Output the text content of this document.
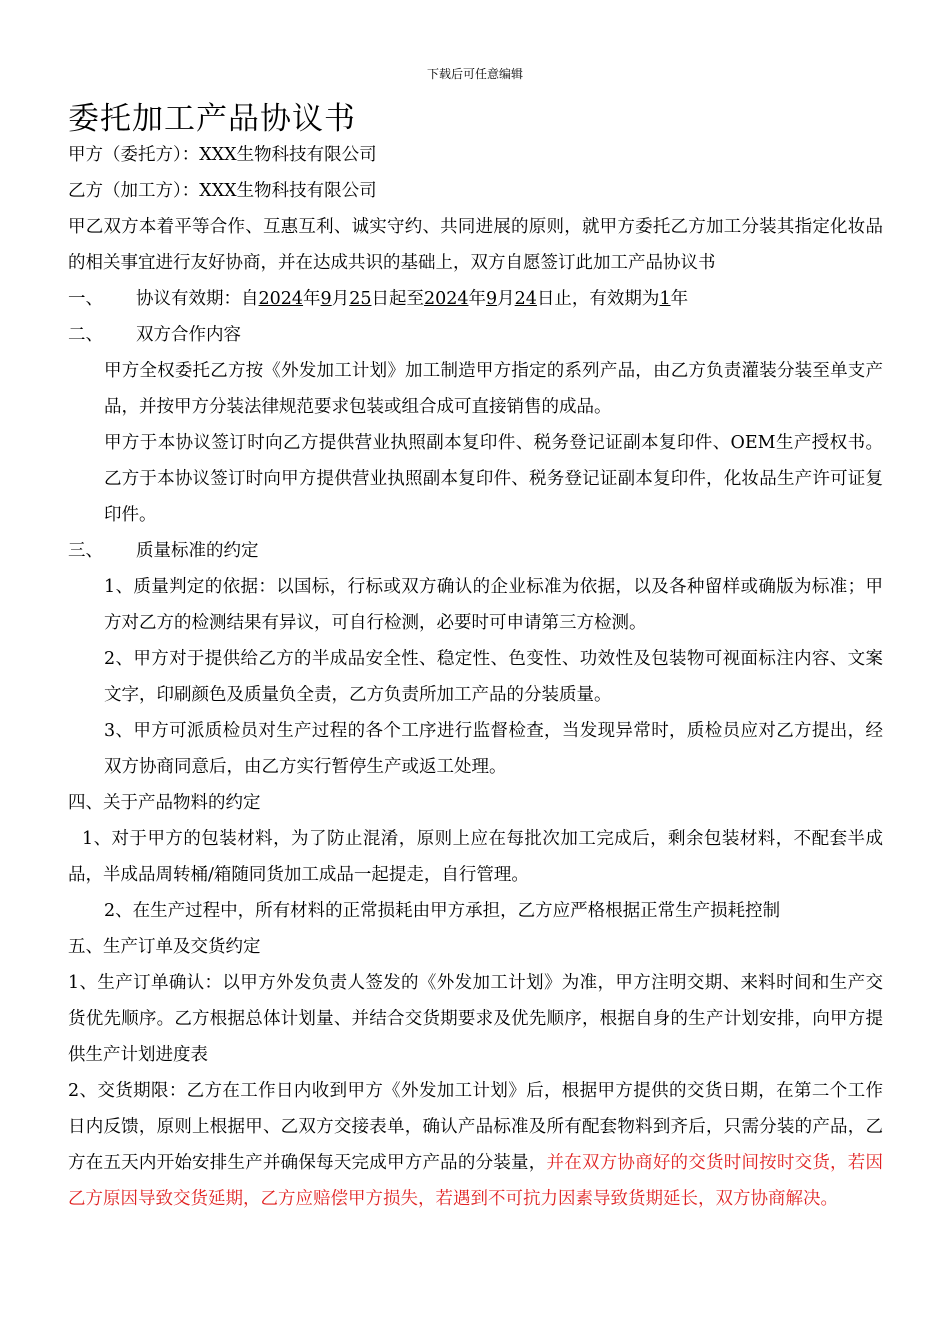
下载后可任意编辑
委托加工产品协议书

甲方（委托方）：XXX生物科技有限公司

乙方（加工方）：XXX生物科技有限公司

甲乙双方本着平等合作、互惠互利、诚实守约、共同进展的原则，就甲方委托乙方加工分装其指定化妆品的相关事宜进行友好协商，并在达成共识的基础上，双方自愿签订此加工产品协议书

一、 协议有效期：自2024年9月25日起至2024年9月24日止，有效期为1年

二、 双方合作内容

甲方全权委托乙方按《外发加工计划》加工制造甲方指定的系列产品，由乙方负责灌装分装至单支产品，并按甲方分装法律规范要求包装或组合成可直接销售的成品。

甲方于本协议签订时向乙方提供营业执照副本复印件、税务登记证副本复印件、OEM生产授权书。乙方于本协议签订时向甲方提供营业执照副本复印件、税务登记证副本复印件，化妆品生产许可证复印件。

三、 质量标准的约定

1、质量判定的依据：以国标，行标或双方确认的企业标准为依据，以及各种留样或确版为标准；甲方对乙方的检测结果有异议，可自行检测，必要时可申请第三方检测。

2、甲方对于提供给乙方的半成品安全性、稳定性、色变性、功效性及包装物可视面标注内容、文案文字，印刷颜色及质量负全责，乙方负责所加工产品的分装质量。

3、甲方可派质检员对生产过程的各个工序进行监督检查，当发现异常时，质检员应对乙方提出，经双方协商同意后，由乙方实行暂停生产或返工处理。

四、关于产品物料的约定

1、对于甲方的包装材料，为了防止混淆，原则上应在每批次加工完成后，剩余包装材料，不配套半成品，半成品周转桶/箱随同货加工成品一起提走，自行管理。

2、在生产过程中，所有材料的正常损耗由甲方承担，乙方应严格根据正常生产损耗控制

五、生产订单及交货约定

1、生产订单确认：以甲方外发负责人签发的《外发加工计划》为准，甲方注明交期、来料时间和生产交货优先顺序。乙方根据总体计划量、并结合交货期要求及优先顺序，根据自身的生产计划安排，向甲方提供生产计划进度表

2、交货期限：乙方在工作日内收到甲方《外发加工计划》后，根据甲方提供的交货日期，在第二个工作日内反馈，原则上根据甲、乙双方交接表单，确认产品标准及所有配套物料到齐后，只需分装的产品，乙方在五天内开始安排生产并确保每天完成甲方产品的分装量，并在双方协商好的交货时间按时交货，若因乙方原因导致交货延期，乙方应赔偿甲方损失，若遇到不可抗力因素导致货期延长，双方协商解决。
